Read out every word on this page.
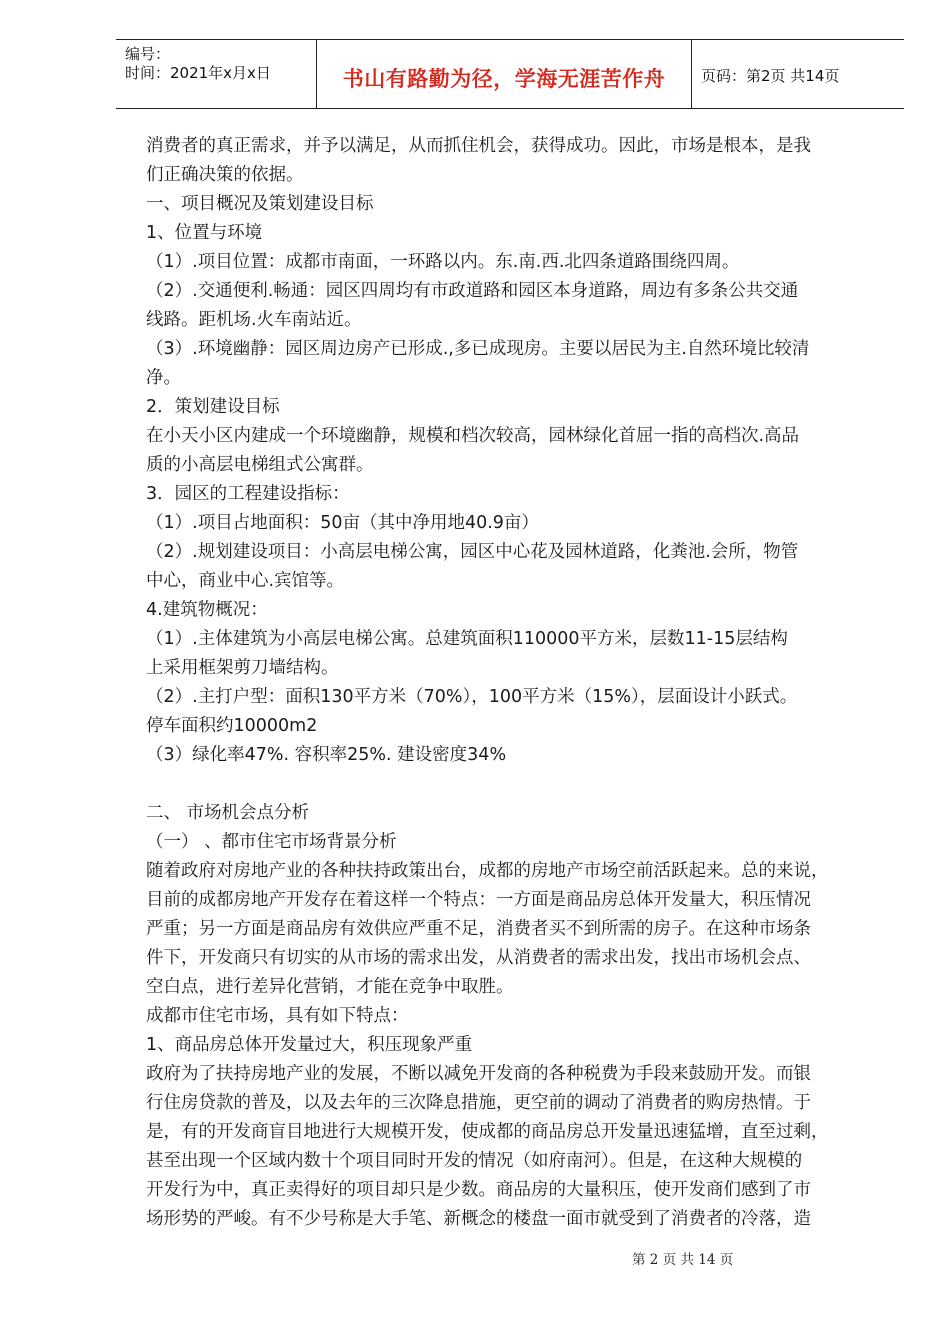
编号：
时间：2021年x月x日	书山有路勤为径，学海无涯苦作舟	页码：第2页 共14页
消费者的真正需求，并予以满足，从而抓住机会，获得成功。因此，市场是根本，是我
们正确决策的依据。
一、项目概况及策划建设目标
1、位置与环境
（1）.项目位置：成都市南面，一环路以内。东.南.西.北四条道路围绕四周。
（2）.交通便利.畅通：园区四周均有市政道路和园区本身道路，周边有多条公共交通
线路。距机场.火车南站近。
（3）.环境幽静：园区周边房产已形成.,多已成现房。主要以居民为主.自然环境比较清
净。
2．策划建设目标
在小天小区内建成一个环境幽静，规模和档次较高，园林绿化首屈一指的高档次.高品
质的小高层电梯组式公寓群。
3．园区的工程建设指标：
（1）.项目占地面积：50亩（其中净用地40.9亩）
（2）.规划建设项目：小高层电梯公寓，园区中心花及园林道路，化粪池.会所，物管
中心，商业中心.宾馆等。
4.建筑物概况：
（1）.主体建筑为小高层电梯公寓。总建筑面积110000平方米，层数11-15层结构
上采用框架剪刀墙结构。
（2）.主打户型：面积130平方米（70%），100平方米（15%），层面设计小跃式。
停车面积约10000m2
（3）绿化率47%. 容积率25%. 建设密度34%
二、 市场机会点分析
（一） 、都市住宅市场背景分析
随着政府对房地产业的各种扶持政策出台，成都的房地产市场空前活跃起来。总的来说，
目前的成都房地产开发存在着这样一个特点：一方面是商品房总体开发量大，积压情况
严重；另一方面是商品房有效供应严重不足，消费者买不到所需的房子。在这种市场条
件下，开发商只有切实的从市场的需求出发，从消费者的需求出发，找出市场机会点、
空白点，进行差异化营销，才能在竞争中取胜。
成都市住宅市场，具有如下特点：
1、商品房总体开发量过大，积压现象严重
政府为了扶持房地产业的发展，不断以减免开发商的各种税费为手段来鼓励开发。而银
行住房贷款的普及，以及去年的三次降息措施，更空前的调动了消费者的购房热情。于
是，有的开发商盲目地进行大规模开发，使成都的商品房总开发量迅速猛增，直至过剩，
甚至出现一个区域内数十个项目同时开发的情况（如府南河）。但是，在这种大规模的
开发行为中，真正卖得好的项目却只是少数。商品房的大量积压，使开发商们感到了市
场形势的严峻。有不少号称是大手笔、新概念的楼盘一面市就受到了消费者的冷落，造
第 2 页 共 14 页
